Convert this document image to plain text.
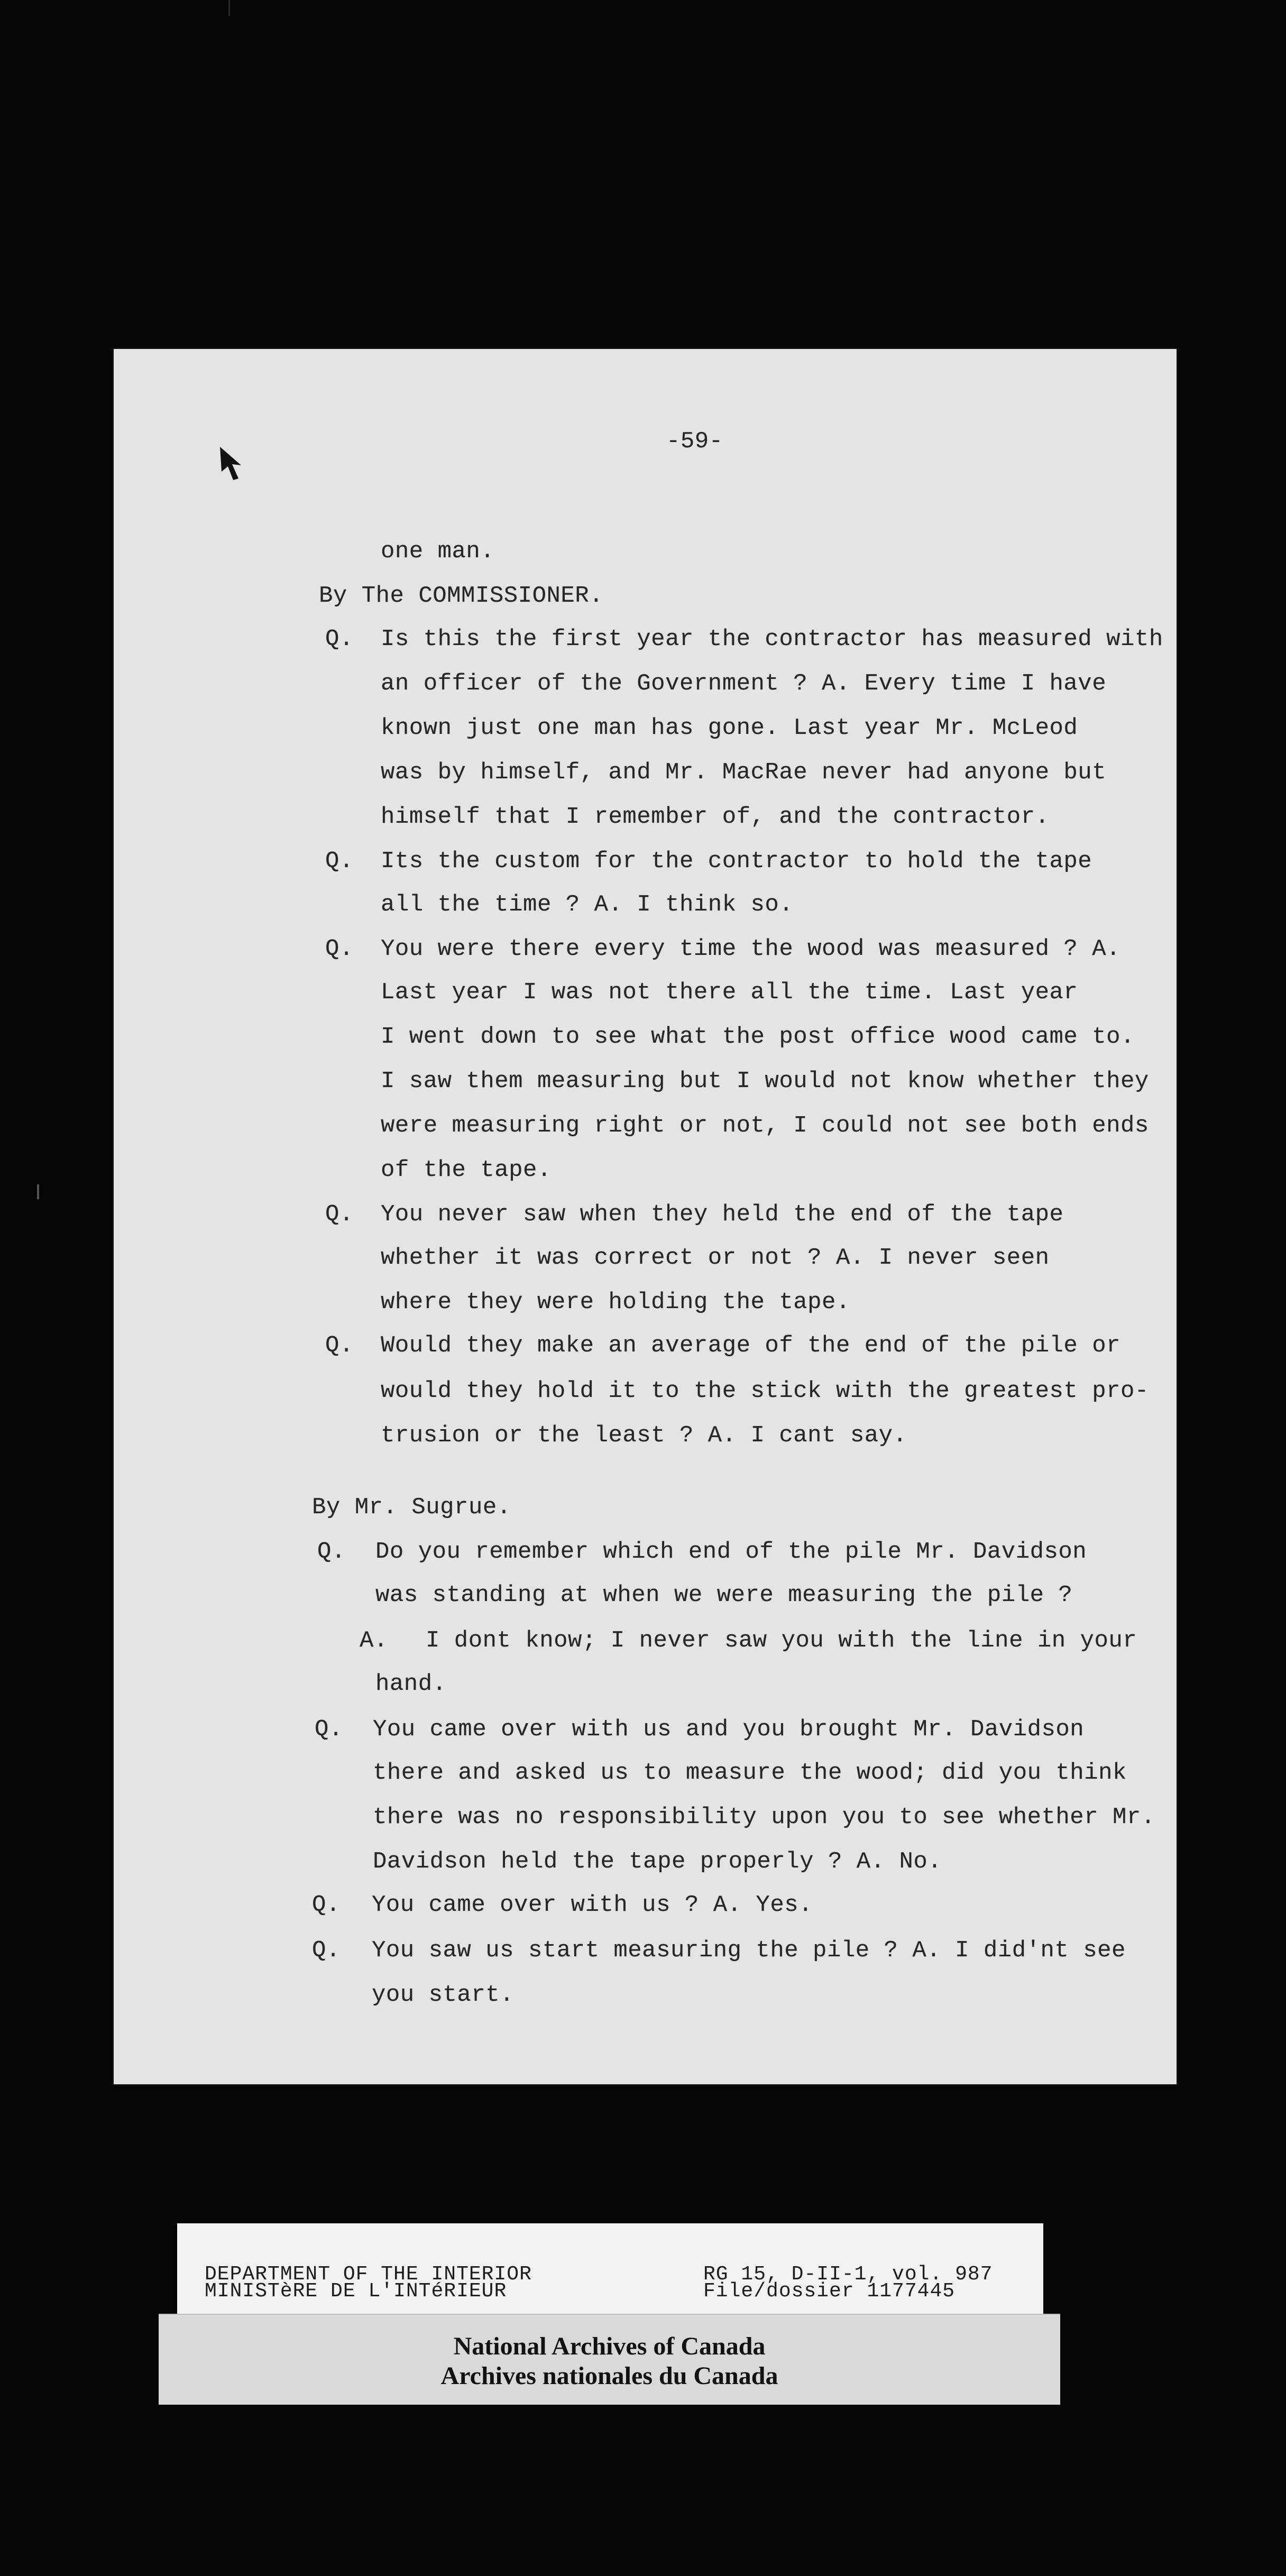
-59-
one man.
By The COMMISSIONER.
Q. Is this the first year the contractor has measured with
an officer of the Government ? A. Every time I have
known just one man has gone. Last year Mr. McLeod
was by himself, and Mr. MacRae never had anyone but
himself that I remember of, and the contractor.
Q. Its the custom for the contractor to hold the tape
all the time ? A. I think so.
Q. You were there every time the wood was measured ? A.
Last year I was not there all the time. Last year
I went down to see what the post office wood came to.
I saw them measuring but I would not know whether they
were measuring right or not, I could not see both ends
of the tape.
Q. You never saw when they held the end of the tape
whether it was correct or not ? A. I never seen
where they were holding the tape.
Q. Would they make an average of the end of the pile or
would they hold it to the stick with the greatest pro-
trusion or the least ? A. I cant say.
By Mr. Sugrue.
Q. Do you remember which end of the pile Mr. Davidson
was standing at when we were measuring the pile ?
A. I dont know; I never saw you with the line in your
hand.
Q. You came over with us and you brought Mr. Davidson
there and asked us to measure the wood; did you think
there was no responsibility upon you to see whether Mr.
Davidson held the tape properly ? A. No.
Q. You came over with us ? A. Yes.
Q. You saw us start measuring the pile ? A. I did'nt see
you start.
DEPARTMENT OF THE INTERIOR
MINISTèRE DE L'INTéRIEUR
RG 15, D-II-1, vol. 987
File/dossier 1177445
National Archives of Canada
Archives nationales du Canada
